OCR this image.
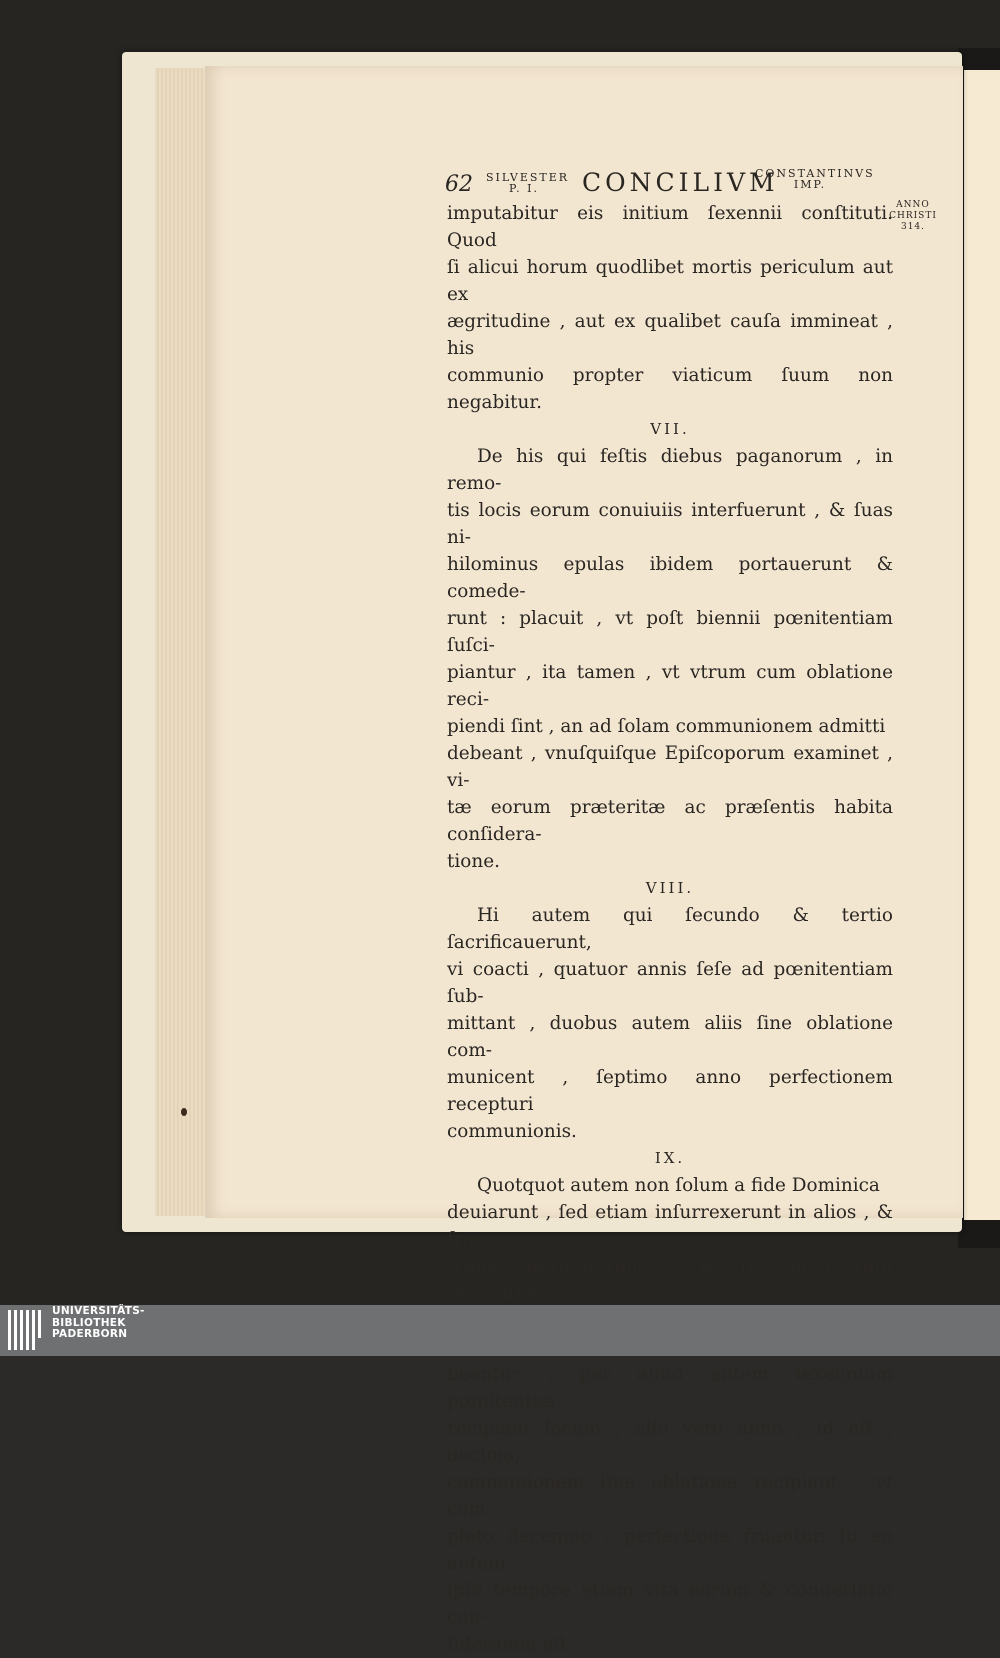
62 SILVESTER
P. I.	CONCILIVM
CONSTANTINVS
IMP.
ANNO
CHRISTI
314.

imputabitur eis initium ſexennii conſtituti. Quod

ſi alicui horum quodlibet mortis periculum aut ex

ægritudine , aut ex qualibet cauſa immineat , his

communio propter viaticum ſuum non negabitur.

VII.

De his qui feſtis diebus paganorum , in remo-

tis locis eorum conuiuiis interfuerunt , & ſuas ni-

hilominus epulas ibidem portauerunt & comede-

runt : placuit , vt poſt biennii pœnitentiam ſuſci-

piantur , ita tamen , vt vtrum cum oblatione reci-

piendi ſint , an ad ſolam communionem admitti

debeant , vnuſquiſque Epiſcoporum examinet , vi-

tæ eorum præteritæ ac præſentis habita conſidera-

tione.

VIII.

Hi autem qui ſecundo & tertio ſacrificauerunt,

vi coacti , quatuor annis ſeſe ad pœnitentiam ſub-

mittant , duobus autem aliis ſine oblatione com-

municent , ſeptimo anno perfectionem recepturi

communionis.

IX.

Quotquot autem non ſolum a fide Dominica

deuiarunt , ſed etiam inſurrexerunt in alios , & fra-

tribus perſuaſerunt , & rei facti ſunt perſuaſionis :

beantur , per aliud autem ſexennium pœnitentiæ

recipiant locum , alio vero anno , id eſt , decimo,

communionem ſine oblatione recipiant , vt com-

pleto decennio , perfectione fruantur. In eo autem

ipſo tempore etiam vita eorum & conuerſatio con-

ſideranda eſt.

UNIVERSITÄTS-
BIBLIOTHEK
PADERBORN
